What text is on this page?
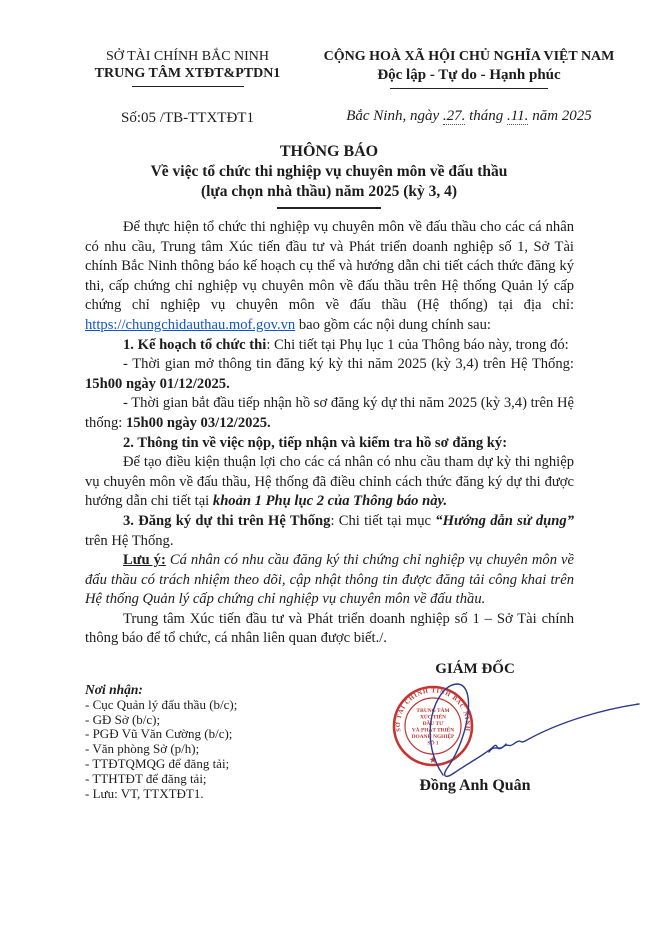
SỞ TÀI CHÍNH BẮC NINH
TRUNG TÂM XTĐT&PTDN1
Số:05 /TB-TTXTĐT1
CỘNG HOÀ XÃ HỘI CHỦ NGHĨA VIỆT NAM
Độc lập - Tự do - Hạnh phúc
Bắc Ninh, ngày .27. tháng .11. năm 2025
THÔNG BÁO
Về việc tổ chức thi nghiệp vụ chuyên môn về đấu thầu
(lựa chọn nhà thầu) năm 2025 (kỳ 3, 4)

Để thực hiện tổ chức thi nghiệp vụ chuyên môn về đấu thầu cho các cá nhân có nhu cầu, Trung tâm Xúc tiến đầu tư và Phát triển doanh nghiệp số 1, Sở Tài chính Bắc Ninh thông báo kế hoạch cụ thể và hướng dẫn chi tiết cách thức đăng ký thi, cấp chứng chỉ nghiệp vụ chuyên môn về đấu thầu trên Hệ thống Quản lý cấp chứng chỉ nghiệp vụ chuyên môn về đấu thầu (Hệ thống) tại địa chỉ: https://chungchidauthau.mof.gov.vn bao gồm các nội dung chính sau:

1. Kế hoạch tổ chức thi: Chi tiết tại Phụ lục 1 của Thông báo này, trong đó:

- Thời gian mở thông tin đăng ký kỳ thi năm 2025 (kỳ 3,4) trên Hệ Thống: 15h00 ngày 01/12/2025.

- Thời gian bắt đầu tiếp nhận hồ sơ đăng ký dự thi năm 2025 (kỳ 3,4) trên Hệ thống: 15h00 ngày 03/12/2025.

2. Thông tin về việc nộp, tiếp nhận và kiểm tra hồ sơ đăng ký:

Để tạo điều kiện thuận lợi cho các cá nhân có nhu cầu tham dự kỳ thi nghiệp vụ chuyên môn về đấu thầu, Hệ thống đã điều chỉnh cách thức đăng ký dự thi được hướng dẫn chi tiết tại khoản 1 Phụ lục 2 của Thông báo này.

3. Đăng ký dự thi trên Hệ Thống: Chi tiết tại mục “Hướng dẫn sử dụng” trên Hệ Thống.

Lưu ý: Cá nhân có nhu cầu đăng ký thi chứng chỉ nghiệp vụ chuyên môn về đấu thầu có trách nhiệm theo dõi, cập nhật thông tin được đăng tải công khai trên Hệ thống Quản lý cấp chứng chỉ nghiệp vụ chuyên môn về đấu thầu.

Trung tâm Xúc tiến đầu tư và Phát triển doanh nghiệp số 1 – Sở Tài chính thông báo để tổ chức, cá nhân liên quan được biết./.

Nơi nhận:
- Cục Quản lý đấu thầu (b/c);
- GĐ Sở (b/c);
- PGĐ Vũ Văn Cường (b/c);
- Văn phòng Sở (p/h);
- TTĐTQMQG để đăng tải;
- TTHTĐT để đăng tải;
- Lưu: VT, TTXTĐT1.
GIÁM ĐỐC
SỞ TÀI CHÍNH TỈNH BẮC NINH
TRUNG TÂM
XÚC TIẾN
ĐẦU TƯ
VÀ PHÁT TRIỂN
DOANH NGHIỆP
SỐ 1
★
Đồng Anh Quân
